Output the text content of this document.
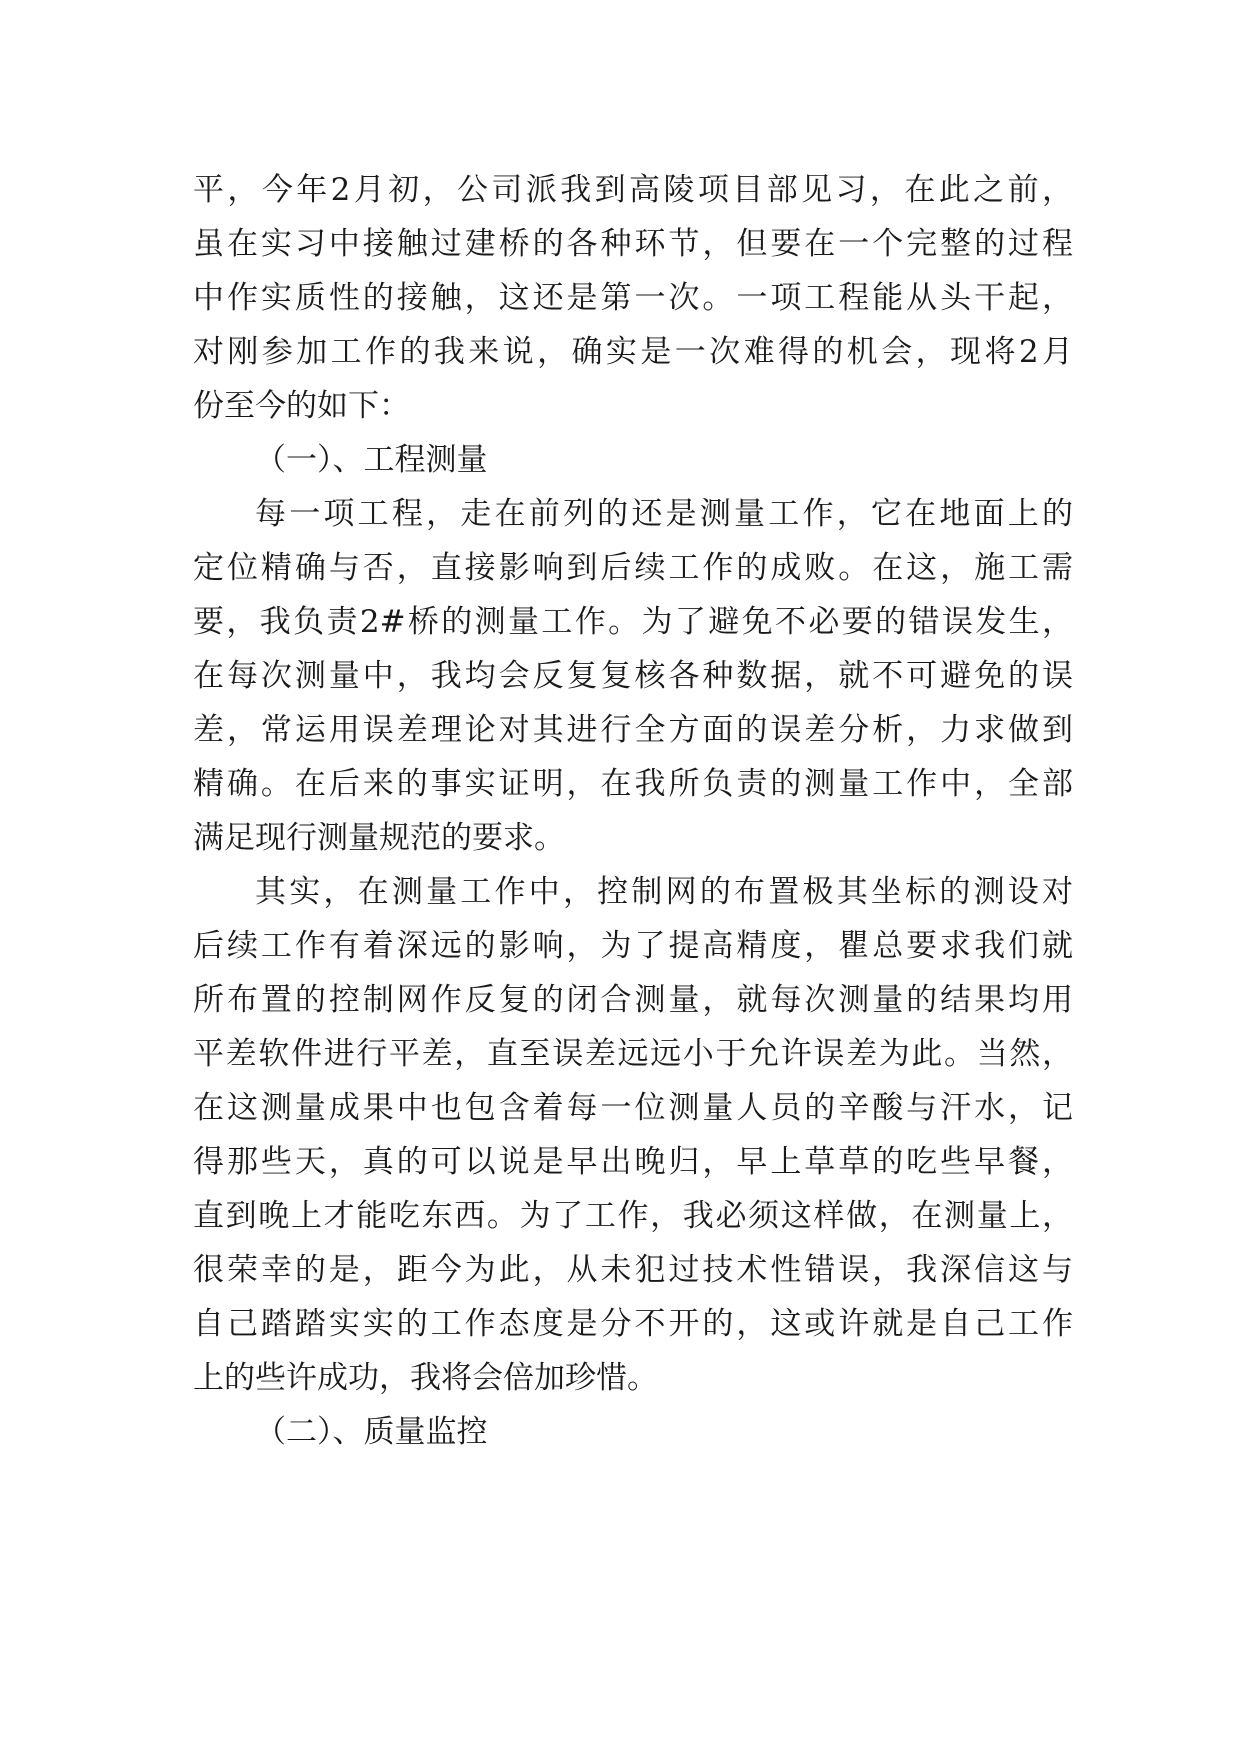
平，今年2月初，公司派我到高陵项目部见习，在此之前，
虽在实习中接触过建桥的各种环节，但要在一个完整的过程
中作实质性的接触，这还是第一次。一项工程能从头干起，
对刚参加工作的我来说，确实是一次难得的机会，现将2月
份至今的如下：
（一）、工程测量
每一项工程，走在前列的还是测量工作，它在地面上的
定位精确与否，直接影响到后续工作的成败。在这，施工需
要，我负责2#桥的测量工作。为了避免不必要的错误发生，
在每次测量中，我均会反复复核各种数据，就不可避免的误
差，常运用误差理论对其进行全方面的误差分析，力求做到
精确。在后来的事实证明，在我所负责的测量工作中，全部
满足现行测量规范的要求。
其实，在测量工作中，控制网的布置极其坐标的测设对
后续工作有着深远的影响，为了提高精度，瞿总要求我们就
所布置的控制网作反复的闭合测量，就每次测量的结果均用
平差软件进行平差，直至误差远远小于允许误差为此。当然，
在这测量成果中也包含着每一位测量人员的辛酸与汗水，记
得那些天，真的可以说是早出晚归，早上草草的吃些早餐，
直到晚上才能吃东西。为了工作，我必须这样做，在测量上，
很荣幸的是，距今为此，从未犯过技术性错误，我深信这与
自己踏踏实实的工作态度是分不开的，这或许就是自己工作
上的些许成功，我将会倍加珍惜。
（二）、质量监控
